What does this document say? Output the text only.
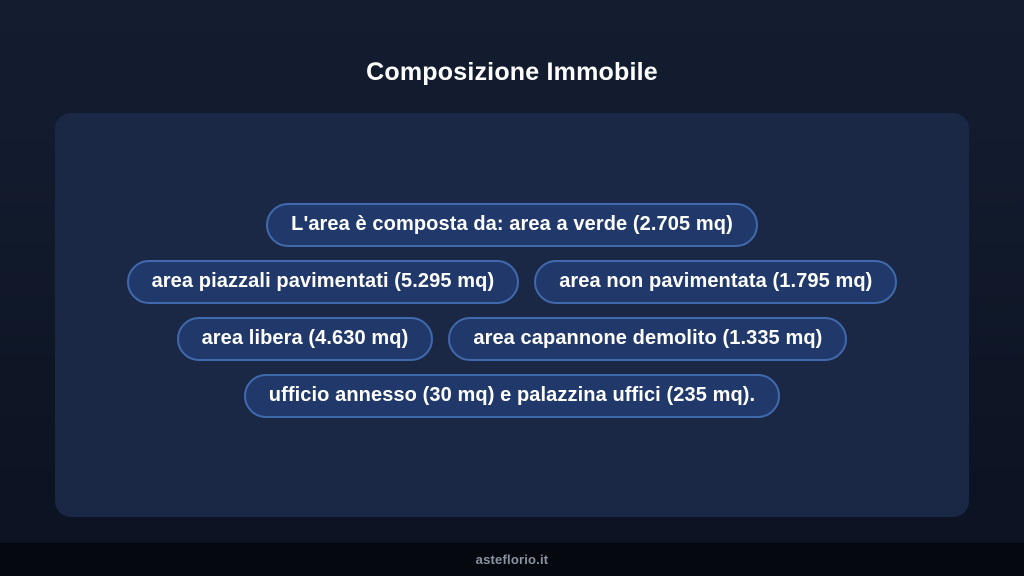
Composizione Immobile
L'area è composta da: area a verde (2.705 mq)
area piazzali pavimentati (5.295 mq)	area non pavimentata (1.795 mq)
area libera (4.630 mq)	area capannone demolito (1.335 mq)
ufficio annesso (30 mq) e palazzina uffici (235 mq).
asteflorio.it
